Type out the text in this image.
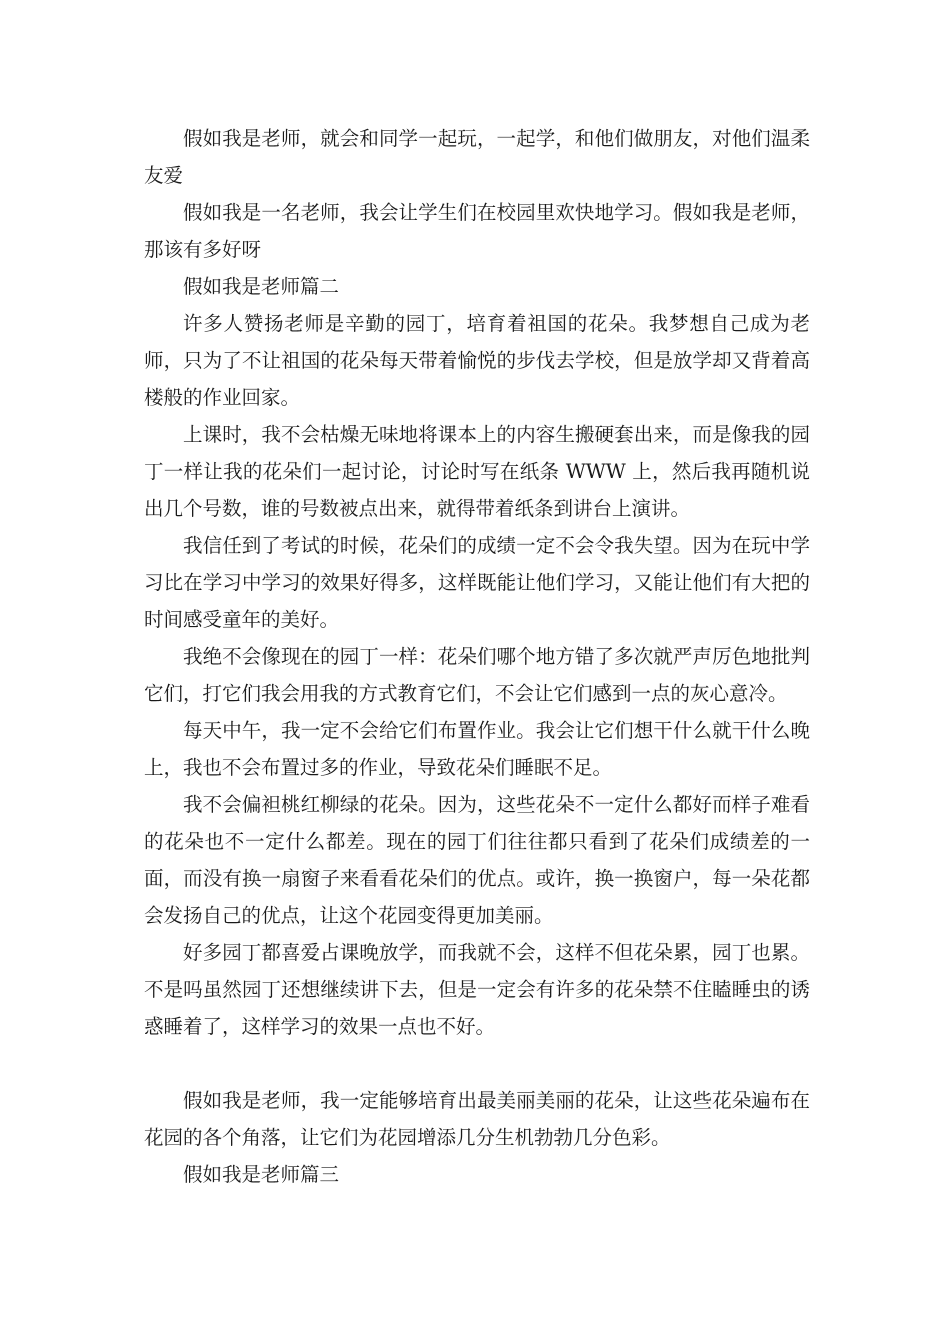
假如我是老师，就会和同学一起玩，一起学，和他们做朋友，对他们温柔友爱

假如我是一名老师，我会让学生们在校园里欢快地学习。假如我是老师，那该有多好呀

假如我是老师篇二

许多人赞扬老师是辛勤的园丁，培育着祖国的花朵。我梦想自己成为老师，只为了不让祖国的花朵每天带着愉悦的步伐去学校，但是放学却又背着高楼般的作业回家。

上课时，我不会枯燥无味地将课本上的内容生搬硬套出来，而是像我的园丁一样让我的花朵们一起讨论，讨论时写在纸条 WWW 上，然后我再随机说出几个号数，谁的号数被点出来，就得带着纸条到讲台上演讲。

我信任到了考试的时候，花朵们的成绩一定不会令我失望。因为在玩中学习比在学习中学习的效果好得多，这样既能让他们学习，又能让他们有大把的时间感受童年的美好。

我绝不会像现在的园丁一样：花朵们哪个地方错了多次就严声厉色地批判它们，打它们我会用我的方式教育它们，不会让它们感到一点的灰心意冷。

每天中午，我一定不会给它们布置作业。我会让它们想干什么就干什么晚上，我也不会布置过多的作业，导致花朵们睡眠不足。

我不会偏袒桃红柳绿的花朵。因为，这些花朵不一定什么都好而样子难看的花朵也不一定什么都差。现在的园丁们往往都只看到了花朵们成绩差的一面，而没有换一扇窗子来看看花朵们的优点。或许，换一换窗户，每一朵花都会发扬自己的优点，让这个花园变得更加美丽。

好多园丁都喜爱占课晚放学，而我就不会，这样不但花朵累，园丁也累。不是吗虽然园丁还想继续讲下去，但是一定会有许多的花朵禁不住瞌睡虫的诱惑睡着了，这样学习的效果一点也不好。

假如我是老师，我一定能够培育出最美丽美丽的花朵，让这些花朵遍布在花园的各个角落，让它们为花园增添几分生机勃勃几分色彩。

假如我是老师篇三
